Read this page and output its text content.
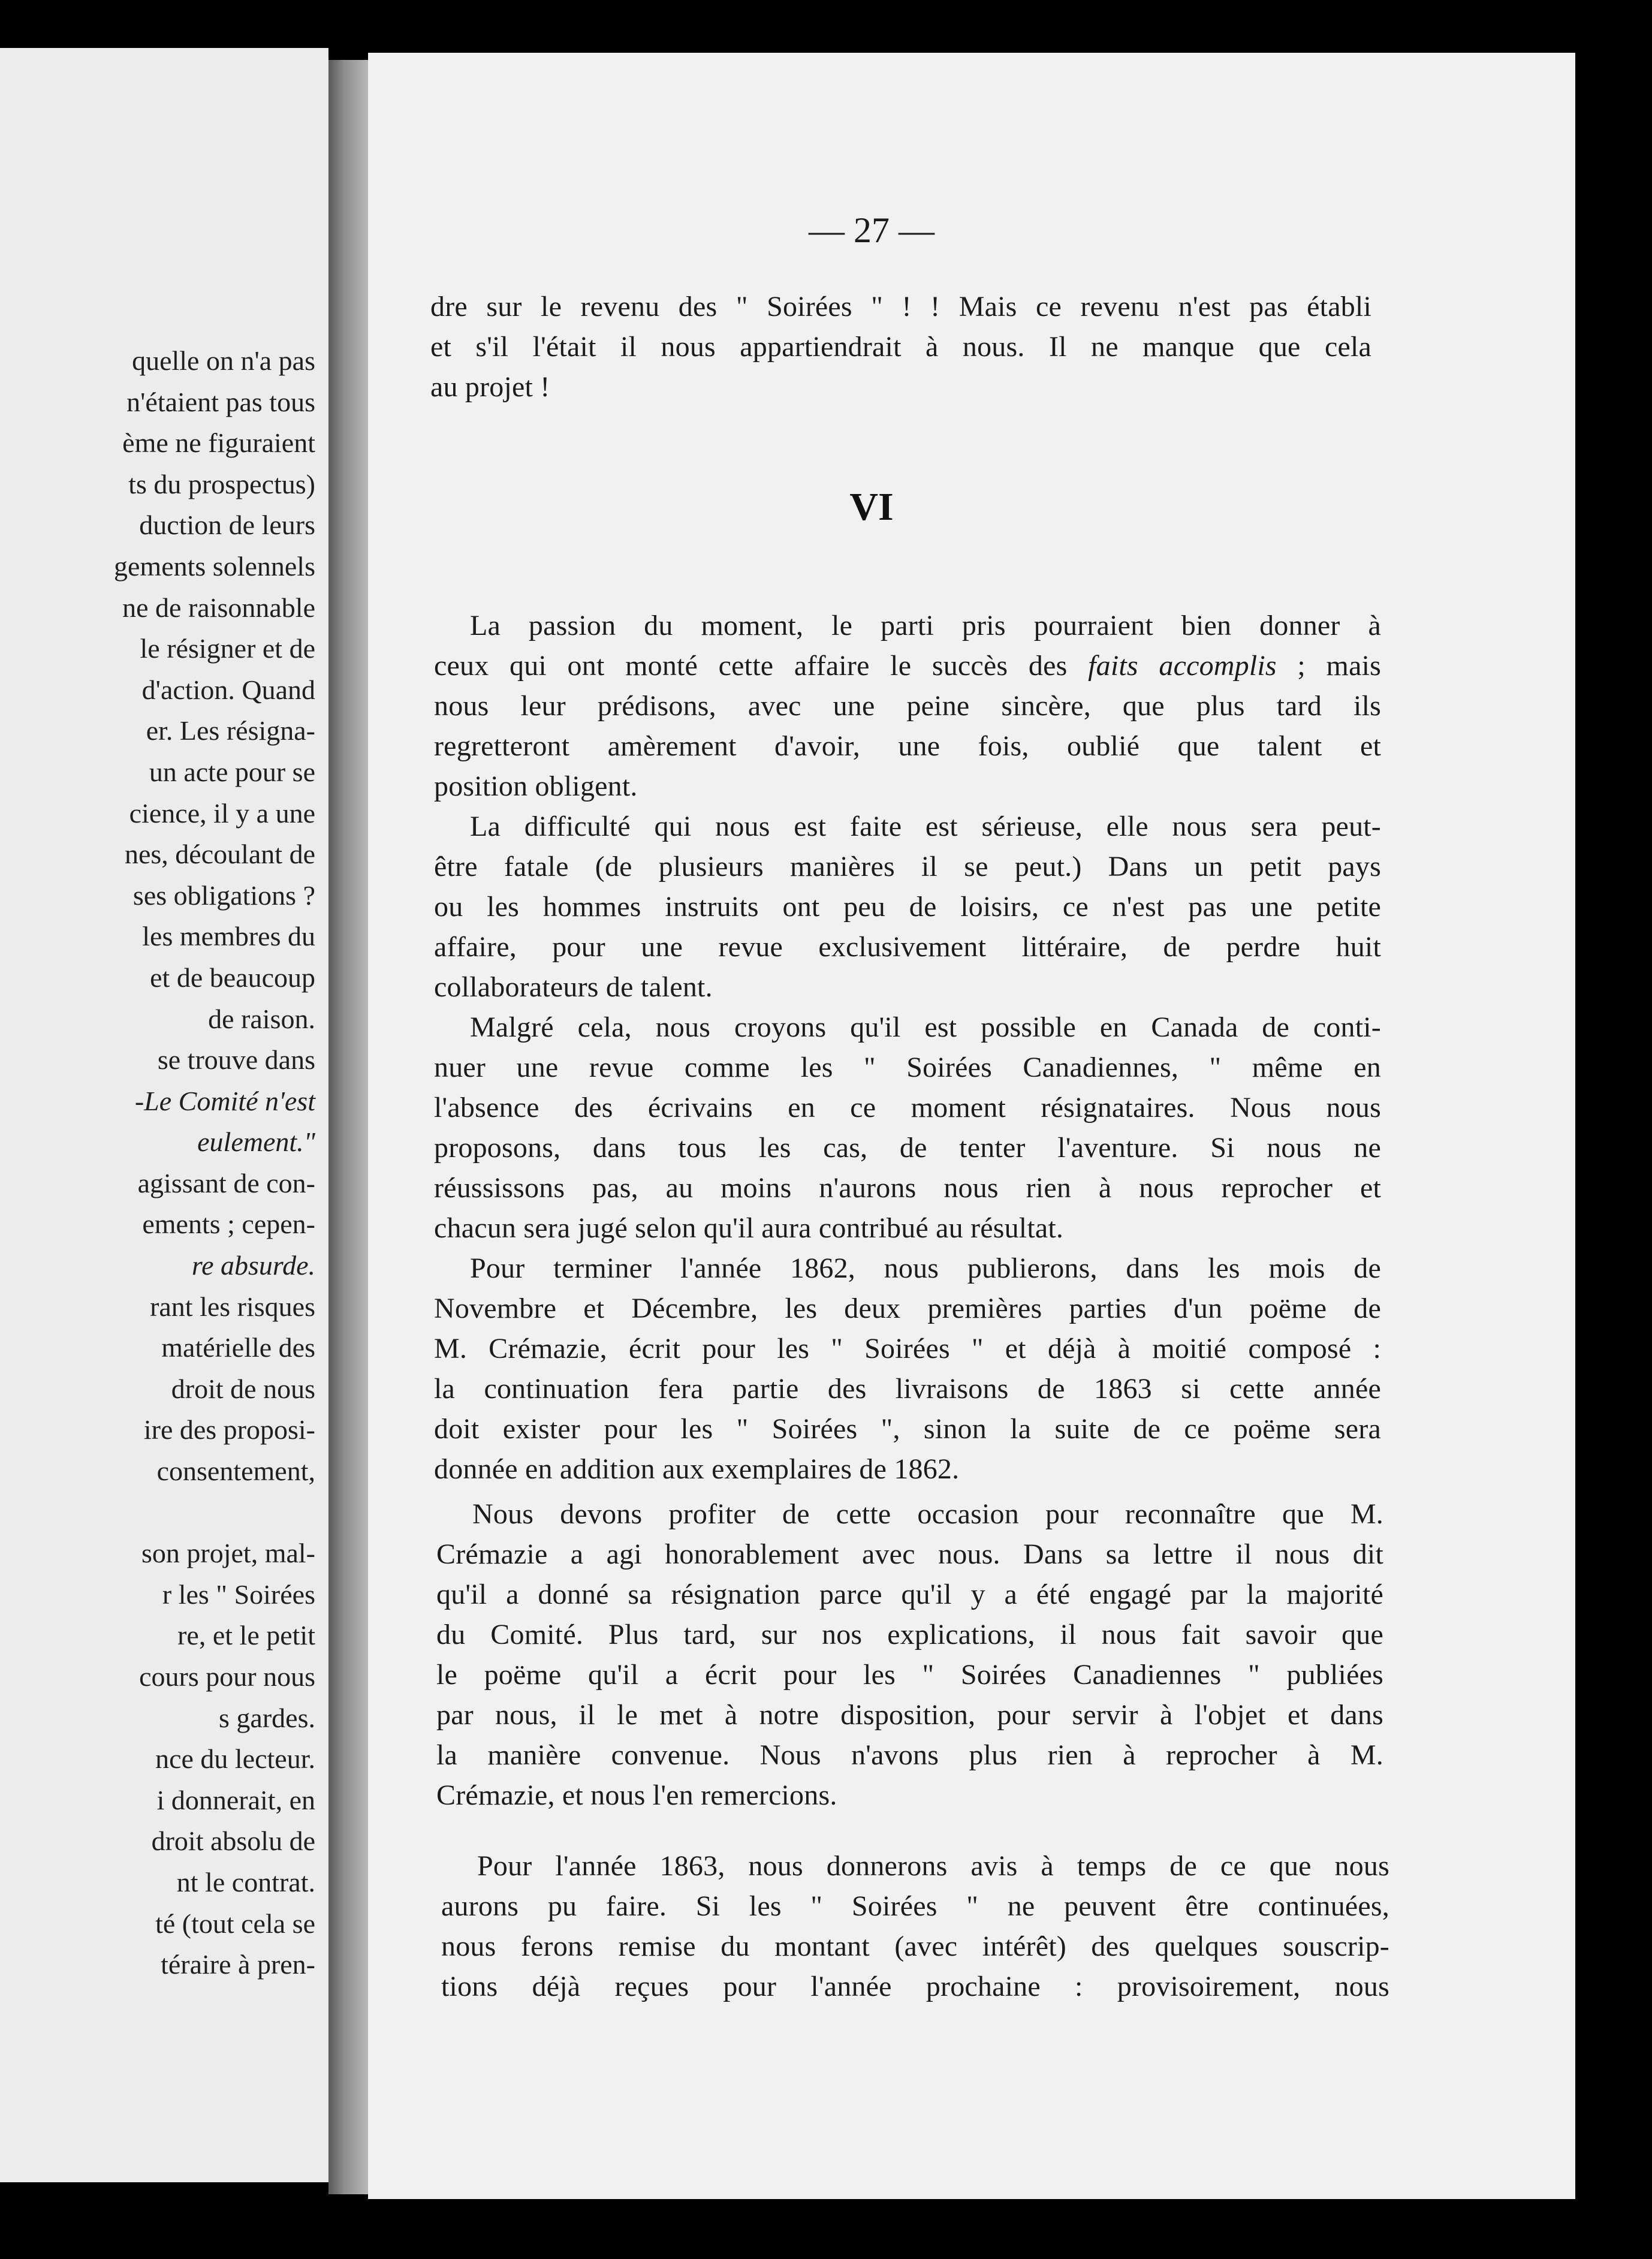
quelle on n'a pas
n'étaient pas tous
ème ne figuraient
ts du prospectus)
duction de leurs
gements solennels
ne de raisonnable
le résigner et de
d'action. Quand
er. Les résigna-
un acte pour se
cience, il y a une
nes, découlant de
ses obligations ?
les membres du
et de beaucoup
de raison.
se trouve dans
-Le Comité n'est
eulement."
agissant de con-
ements ; cepen-
re absurde.
rant les risques
matérielle des
droit de nous
ire des proposi-
consentement,
son projet, mal-
r les " Soirées
re, et le petit
cours pour nous
s gardes.
nce du lecteur.
i donnerait, en
droit absolu de
nt le contrat.
té (tout cela se
téraire à pren-
— 27 —
dre sur le revenu des " Soirées " ! ! Mais ce revenu n'est pas établi
et s'il l'était il nous appartiendrait à nous. Il ne manque que cela
au projet !
VI
La passion du moment, le parti pris pourraient bien donner à
ceux qui ont monté cette affaire le succès des faits accomplis ; mais
nous leur prédisons, avec une peine sincère, que plus tard ils
regretteront amèrement d'avoir, une fois, oublié que talent et
position obligent.
La difficulté qui nous est faite est sérieuse, elle nous sera peut-
être fatale (de plusieurs manières il se peut.) Dans un petit pays
ou les hommes instruits ont peu de loisirs, ce n'est pas une petite
affaire, pour une revue exclusivement littéraire, de perdre huit
collaborateurs de talent.
Malgré cela, nous croyons qu'il est possible en Canada de conti-
nuer une revue comme les " Soirées Canadiennes, " même en
l'absence des écrivains en ce moment résignataires. Nous nous
proposons, dans tous les cas, de tenter l'aventure. Si nous ne
réussissons pas, au moins n'aurons nous rien à nous reprocher et
chacun sera jugé selon qu'il aura contribué au résultat.
Pour terminer l'année 1862, nous publierons, dans les mois de
Novembre et Décembre, les deux premières parties d'un poëme de
M. Crémazie, écrit pour les " Soirées " et déjà à moitié composé :
la continuation fera partie des livraisons de 1863 si cette année
doit exister pour les " Soirées ", sinon la suite de ce poëme sera
donnée en addition aux exemplaires de 1862.
Nous devons profiter de cette occasion pour reconnaître que M.
Crémazie a agi honorablement avec nous. Dans sa lettre il nous dit
qu'il a donné sa résignation parce qu'il y a été engagé par la majorité
du Comité. Plus tard, sur nos explications, il nous fait savoir que
le poëme qu'il a écrit pour les " Soirées Canadiennes " publiées
par nous, il le met à notre disposition, pour servir à l'objet et dans
la manière convenue. Nous n'avons plus rien à reprocher à M.
Crémazie, et nous l'en remercions.
Pour l'année 1863, nous donnerons avis à temps de ce que nous
aurons pu faire. Si les " Soirées " ne peuvent être continuées,
nous ferons remise du montant (avec intérêt) des quelques souscrip-
tions déjà reçues pour l'année prochaine : provisoirement, nous
